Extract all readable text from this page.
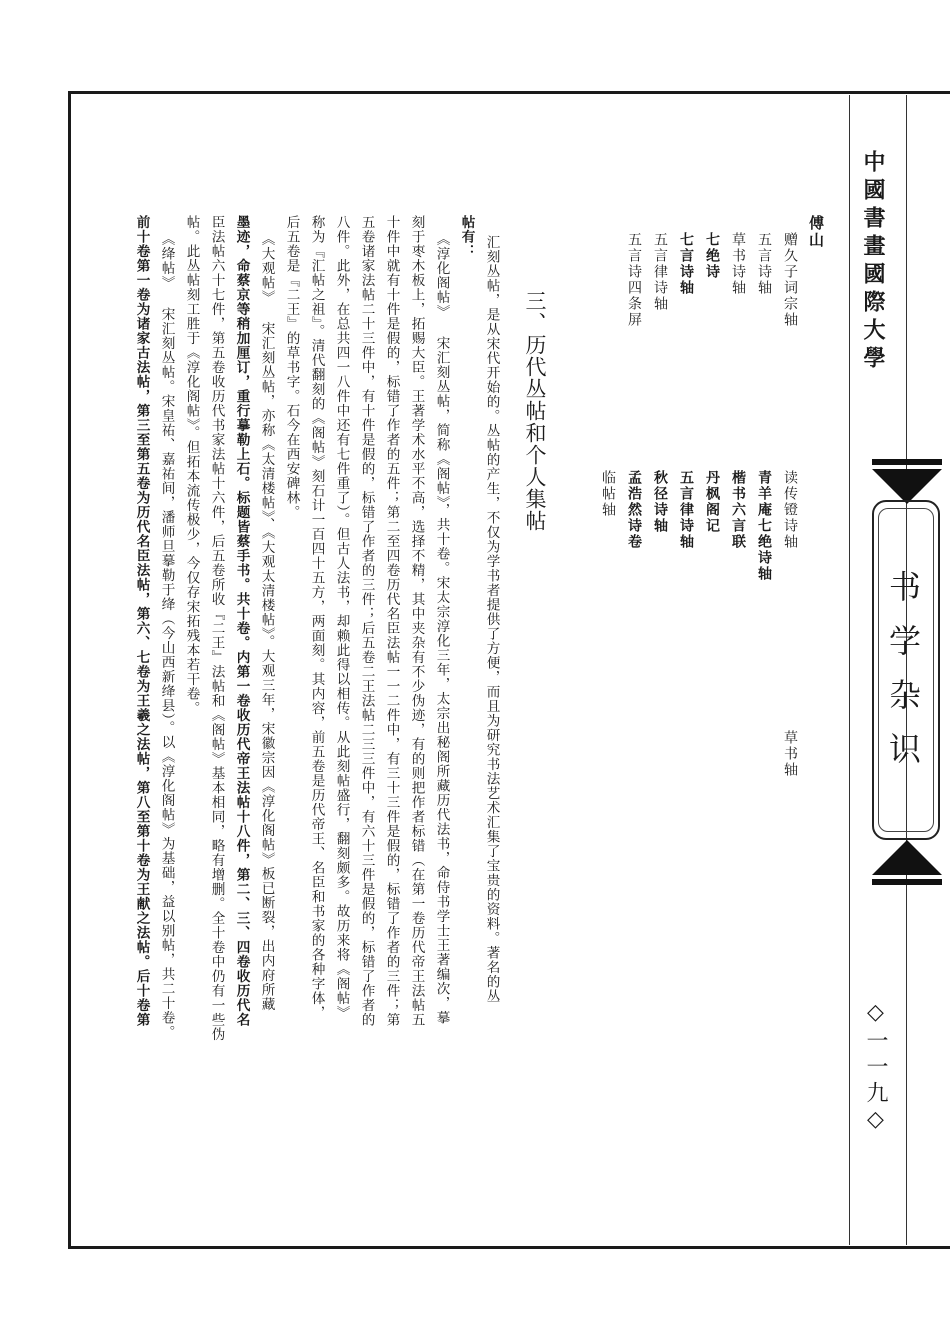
中國書畫國際大學
书学杂识
◇一一九◇
傅山
赠久子词宗轴
读传镫诗轴
五言诗轴
青羊庵七绝诗轴
草书轴
草书诗轴
楷书六言联
七绝诗
丹枫阁记
七言诗轴
五言律诗轴
五言律诗轴
秋径诗轴
五言诗四条屏
孟浩然诗卷
临帖轴
三、历代丛帖和个人集帖
汇刻丛帖，是从宋代开始的。丛帖的产生，不仅为学书者提供了方便，而且为研究书法艺术汇集了宝贵的资料。著名的丛
帖有：
《淳化阁帖》 宋汇刻丛帖，简称《阁帖》，共十卷。宋太宗淳化三年，太宗出秘阁所藏历代法书，命侍书学士王著编次，摹
刻于枣木板上，拓赐大臣。王著学术水平不高，选择不精，其中夹杂有不少伪迹，有的则把作者标错（在第一卷历代帝王法帖五
十件中就有十件是假的，标错了作者的五件；第二至四卷历代名臣法帖一一二件中，有三十三件是假的，标错了作者的三件；第
五卷诸家法帖二十三件中，有十件是假的，标错了作者的三件；后五卷二王法帖二三三件中，有六十三件是假的，标错了作者的
八件。此外，在总共四一八件中还有七件重了）。但古人法书，却赖此得以相传。从此刻帖盛行，翻刻颇多。故历来将《阁帖》
称为『汇帖之祖』。清代翻刻的《阁帖》刻石计一百四十五方，两面刻。其内容，前五卷是历代帝王、名臣和书家的各种字体，
后五卷是『二王』的草书字。石今在西安碑林。
《大观帖》 宋汇刻丛帖，亦称《太清楼帖》、《大观太清楼帖》。大观三年，宋徽宗因《淳化阁帖》板已断裂，出内府所藏
墨迹，命蔡京等稍加厘订，重行摹勒上石。标题皆蔡手书。共十卷。内第一卷收历代帝王法帖十八件，第二、三、四卷收历代名
臣法帖六十七件，第五卷收历代书家法帖十六件，后五卷所收『二王』法帖和《阁帖》基本相同，略有增删。全十卷中仍有一些伪
帖。此丛帖刻工胜于《淳化阁帖》。但拓本流传极少，今仅存宋拓残本若干卷。
《绛帖》 宋汇刻丛帖。宋皇祐、嘉祐间，潘师旦摹勒于绛（今山西新绛县）。以《淳化阁帖》为基础，益以别帖，共二十卷。
前十卷第一卷为诸家古法帖，第三至第五卷为历代名臣法帖，第六、七卷为王羲之法帖，第八至第十卷为王献之法帖。后十卷第
